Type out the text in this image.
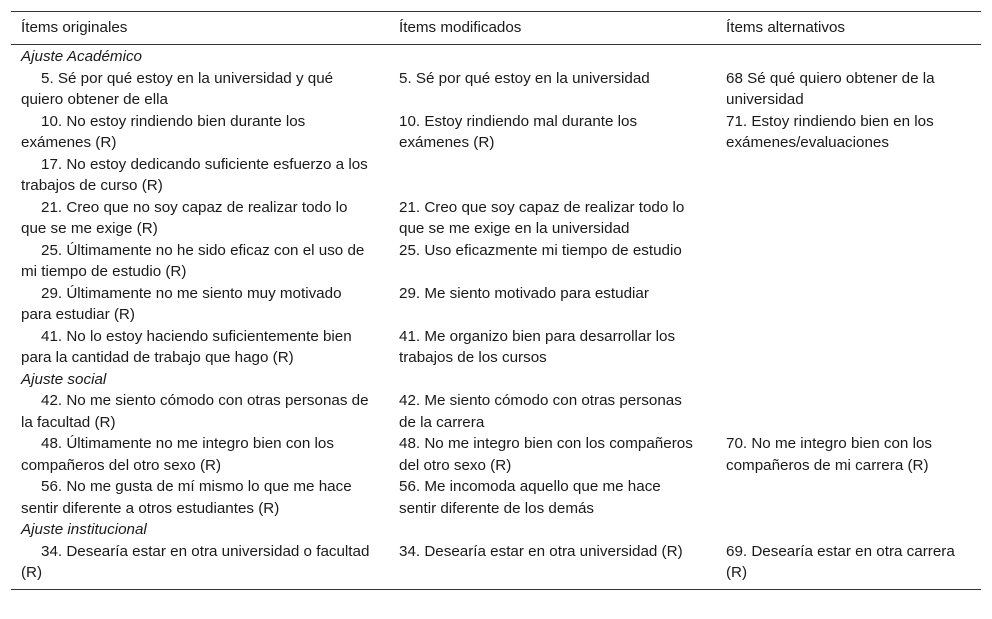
Ítems originales	Ítems modificados	Ítems alternativos
Ajuste Académico		
5. Sé por qué estoy en la universidad y qué quiero obtener de ella	5. Sé por qué estoy en la universidad	68 Sé qué quiero obtener de la universidad
10. No estoy rindiendo bien durante los exámenes (R)	10. Estoy rindiendo mal durante los exámenes (R)	71. Estoy rindiendo bien en los exámenes/evaluaciones
17. No estoy dedicando suficiente esfuerzo a los trabajos de curso (R)		
21. Creo que no soy capaz de realizar todo lo que se me exige (R)	21. Creo que soy capaz de realizar todo lo que se me exige en la universidad	
25. Últimamente no he sido eficaz con el uso de mi tiempo de estudio (R)	25. Uso eficazmente mi tiempo de estudio	
29. Últimamente no me siento muy motivado para estudiar (R)	29. Me siento motivado para estudiar	
41. No lo estoy haciendo suficientemente bien para la cantidad de trabajo que hago (R)	41. Me organizo bien para desarrollar los trabajos de los cursos	
Ajuste social		
42. No me siento cómodo con otras personas de la facultad (R)	42. Me siento cómodo con otras personas de la carrera	
48. Últimamente no me integro bien con los compañeros del otro sexo (R)	48. No me integro bien con los compañeros del otro sexo (R)	70. No me integro bien con los compañeros de mi carrera (R)
56. No me gusta de mí mismo lo que me hace sentir diferente a otros estudiantes (R)	56. Me incomoda aquello que me hace sentir diferente de los demás	
Ajuste institucional		
34. Desearía estar en otra universidad o facultad (R)	34. Desearía estar en otra universidad (R)	69. Desearía estar en otra carrera (R)
